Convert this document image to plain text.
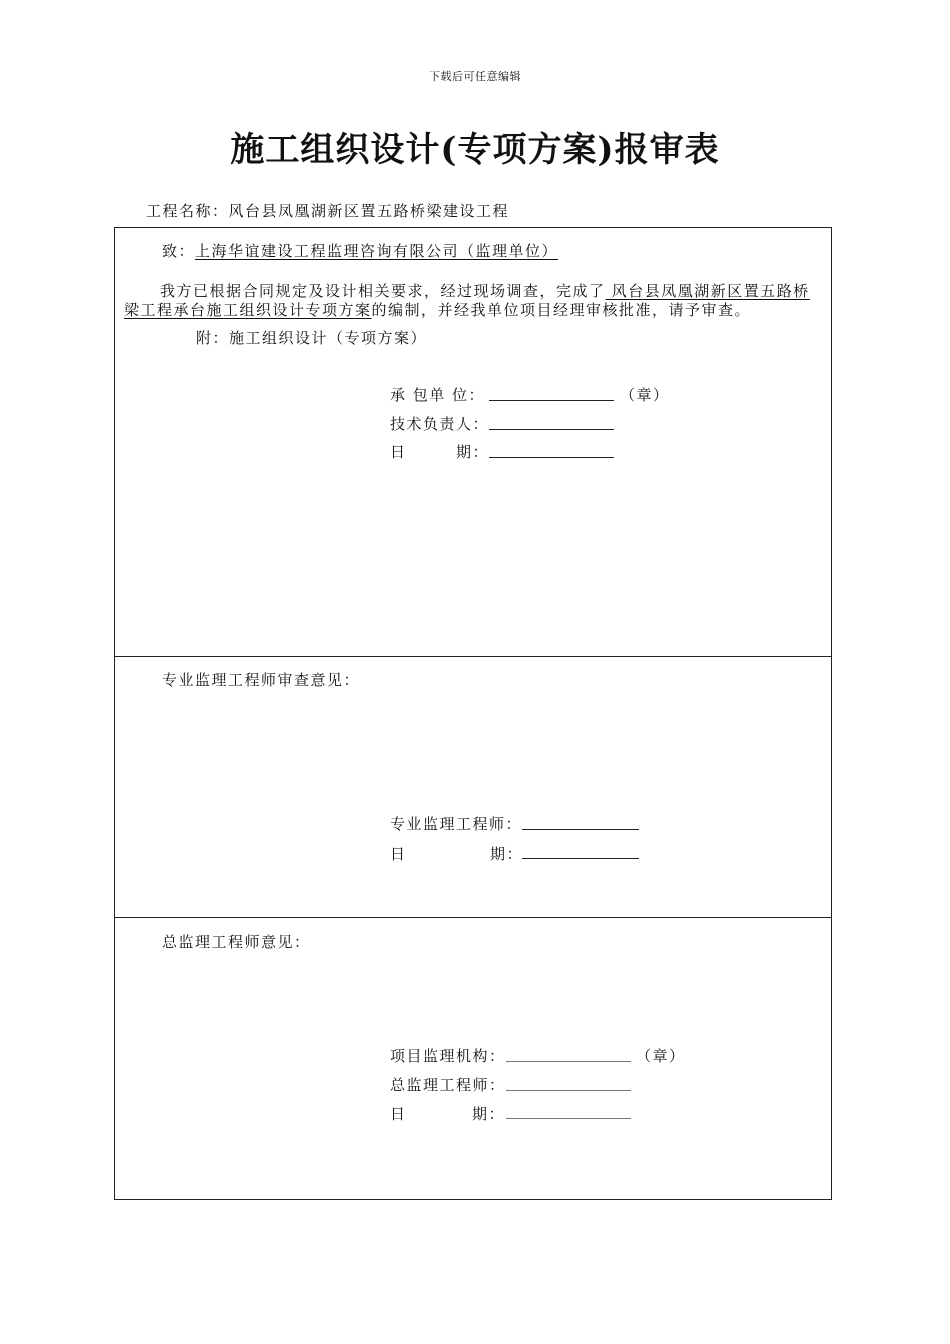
下载后可任意编辑
施工组织设计(专项方案)报审表
工程名称：风台县凤凰湖新区置五路桥梁建设工程
致：上海华谊建设工程监理咨询有限公司（监理单位）
我方已根据合同规定及设计相关要求，经过现场调查，完成了 风台县凤凰湖新区置五路桥
梁工程承台施工组织设计专项方案的编制，并经我单位项目经理审核批准，请予审查。
附：施工组织设计（专项方案）
承 包单 位：	（章）
技术负责人：
日	期：
专业监理工程师审查意见：
专业监理工程师：
日	期：
总监理工程师意见：
项目监理机构：	（章）
总监理工程师：
日	期：
